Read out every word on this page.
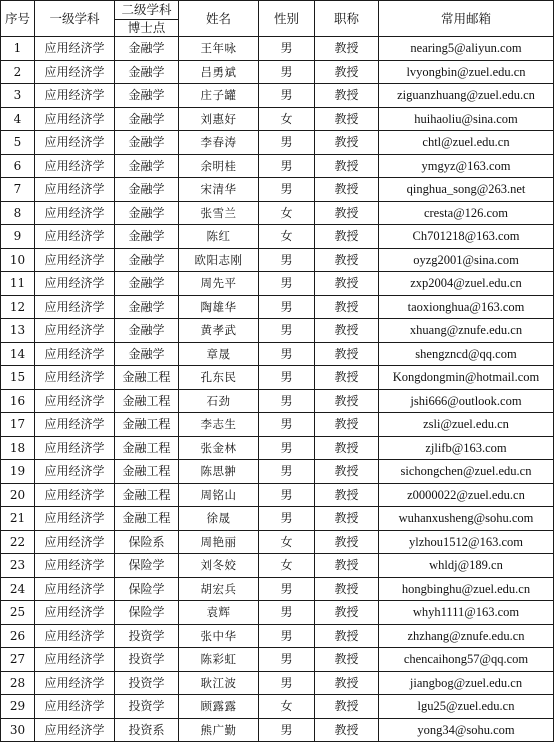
序号	一级学科	二级学科	姓名	性别	职称	常用邮箱
		博士点				
1	应用经济学	金融学	王年咏	男	教授	nearing5@aliyun.com
2	应用经济学	金融学	吕勇斌	男	教授	lvyongbin@zuel.edu.cn
3	应用经济学	金融学	庄子罐	男	教授	ziguanzhuang@zuel.edu.cn
4	应用经济学	金融学	刘惠好	女	教授	huihaoliu@sina.com
5	应用经济学	金融学	李春涛	男	教授	chtl@zuel.edu.cn
6	应用经济学	金融学	余明桂	男	教授	ymgyz@163.com
7	应用经济学	金融学	宋清华	男	教授	qinghua_song@263.net
8	应用经济学	金融学	张雪兰	女	教授	cresta@126.com
9	应用经济学	金融学	陈红	女	教授	Ch701218@163.com
10	应用经济学	金融学	欧阳志刚	男	教授	oyzg2001@sina.com
11	应用经济学	金融学	周先平	男	教授	zxp2004@zuel.edu.cn
12	应用经济学	金融学	陶雄华	男	教授	taoxionghua@163.com
13	应用经济学	金融学	黄孝武	男	教授	xhuang@znufe.edu.cn
14	应用经济学	金融学	章晟	男	教授	shengzncd@qq.com
15	应用经济学	金融工程	孔东民	男	教授	Kongdongmin@hotmail.com
16	应用经济学	金融工程	石劲	男	教授	jshi666@outlook.com
17	应用经济学	金融工程	李志生	男	教授	zsli@zuel.edu.cn
18	应用经济学	金融工程	张金林	男	教授	zjlifb@163.com
19	应用经济学	金融工程	陈思翀	男	教授	sichongchen@zuel.edu.cn
20	应用经济学	金融工程	周铭山	男	教授	z0000022@zuel.edu.cn
21	应用经济学	金融工程	徐晟	男	教授	wuhanxusheng@sohu.com
22	应用经济学	保险系	周艳丽	女	教授	ylzhou1512@163.com
23	应用经济学	保险学	刘冬姣	女	教授	whldj@189.cn
24	应用经济学	保险学	胡宏兵	男	教授	hongbinghu@zuel.edu.cn
25	应用经济学	保险学	袁辉	男	教授	whyh1111@163.com
26	应用经济学	投资学	张中华	男	教授	zhzhang@znufe.edu.cn
27	应用经济学	投资学	陈彩虹	男	教授	chencaihong57@qq.com
28	应用经济学	投资学	耿江波	男	教授	jiangbog@zuel.edu.cn
29	应用经济学	投资学	顾露露	女	教授	lgu25@zuel.edu.cn
30	应用经济学	投资系	熊广勤	男	教授	yong34@sohu.com
